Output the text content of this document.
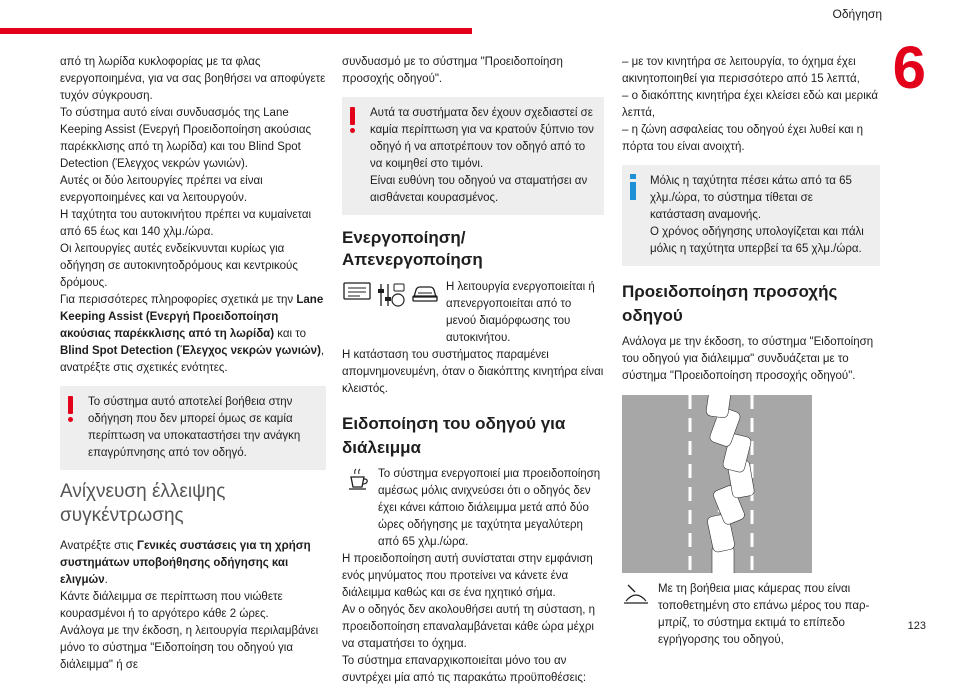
Οδήγηση
6
123

από τη λωρίδα κυκλοφορίας με τα φλας ενεργοποιημένα, για να σας βοηθήσει να αποφύγετε τυχόν σύγκρουση.

Το σύστημα αυτό είναι συνδυασμός της Lane Keeping Assist (Ενεργή Προειδοποίηση ακούσιας παρέκκλισης από τη λωρίδα) και του Blind Spot Detection (Έλεγχος νεκρών γωνιών).

Αυτές οι δύο λειτουργίες πρέπει να είναι ενεργοποιημένες και να λειτουργούν.

Η ταχύτητα του αυτοκινήτου πρέπει να κυμαίνεται από 65 έως και 140 χλμ./ώρα.

Οι λειτουργίες αυτές ενδείκνυνται κυρίως για οδήγηση σε αυτοκινητοδρόμους και κεντρικούς δρόμους.

Για περισσότερες πληροφορίες σχετικά με την Lane Keeping Assist (Ενεργή Προειδοποίηση ακούσιας παρέκκλισης από τη λωρίδα) και το Blind Spot Detection (Έλεγχος νεκρών γωνιών), ανατρέξτε στις σχετικές ενότητες.

Το σύστημα αυτό αποτελεί βοήθεια στην οδήγηση που δεν μπορεί όμως σε καμία περίπτωση να υποκαταστήσει την ανάγκη επαγρύπνησης από τον οδηγό.

Ανίχνευση έλλειψης συγκέντρωσης

Ανατρέξτε στις Γενικές συστάσεις για τη χρήση συστημάτων υποβοήθησης οδήγησης και ελιγμών.

Κάντε διάλειμμα σε περίπτωση που νιώθετε κουρασμένοι ή το αργότερο κάθε 2 ώρες.

Ανάλογα με την έκδοση, η λειτουργία περιλαμβάνει μόνο το σύστημα "Ειδοποίηση του οδηγού για διάλειμμα" ή σε

συνδυασμό με το σύστημα "Προειδοποίηση προσοχής οδηγού".

Αυτά τα συστήματα δεν έχουν σχεδιαστεί σε καμία περίπτωση για να κρατούν ξύπνιο τον οδηγό ή να αποτρέπουν τον οδηγό από το να κοιμηθεί στο τιμόνι.

Είναι ευθύνη του οδηγού να σταματήσει αν αισθάνεται κουρασμένος.

Ενεργοποίηση/Απενεργοποίηση

Η λειτουργία ενεργοποιείται ή απενεργοποιείται από το μενού διαμόρφωσης του αυτοκινήτου.

Η κατάσταση του συστήματος παραμένει απομνημονευμένη, όταν ο διακόπτης κινητήρα είναι κλειστός.

Ειδοποίηση του οδηγού για διάλειμμα

Το σύστημα ενεργοποιεί μια προειδοποίηση αμέσως μόλις ανιχνεύσει ότι ο οδηγός δεν έχει κάνει κάποιο διάλειμμα μετά από δύο ώρες οδήγησης με ταχύτητα μεγαλύτερη από 65 χλμ./ώρα.

Η προειδοποίηση αυτή συνίσταται στην εμφάνιση ενός μηνύματος που προτείνει να κάνετε ένα διάλειμμα καθώς και σε ένα ηχητικό σήμα.

Αν ο οδηγός δεν ακολουθήσει αυτή τη σύσταση, η προειδοποίηση επαναλαμβάνεται κάθε ώρα μέχρι να σταματήσει το όχημα.

Το σύστημα επαναρχικοποιείται μόνο του αν συντρέχει μία από τις παρακάτω προϋποθέσεις:

– με τον κινητήρα σε λειτουργία, το όχημα έχει ακινητοποιηθεί για περισσότερο από 15 λεπτά,

– ο διακόπτης κινητήρα έχει κλείσει εδώ και μερικά λεπτά,

– η ζώνη ασφαλείας του οδηγού έχει λυθεί και η πόρτα του είναι ανοιχτή.

Μόλις η ταχύτητα πέσει κάτω από τα 65 χλμ./ώρα, το σύστημα τίθεται σε κατάσταση αναμονής.

Ο χρόνος οδήγησης υπολογίζεται και πάλι μόλις η ταχύτητα υπερβεί τα 65 χλμ./ώρα.

Προειδοποίηση προσοχής οδηγού

Ανάλογα με την έκδοση, το σύστημα "Ειδοποίηση του οδηγού για διάλειμμα" συνδυάζεται με το σύστημα "Προειδοποίηση προσοχής οδηγού".

Με τη βοήθεια μιας κάμερας που είναι τοποθετημένη στο επάνω μέρος του παρ-μπρίζ, το σύστημα εκτιμά το επίπεδο εγρήγορσης του οδηγού,
